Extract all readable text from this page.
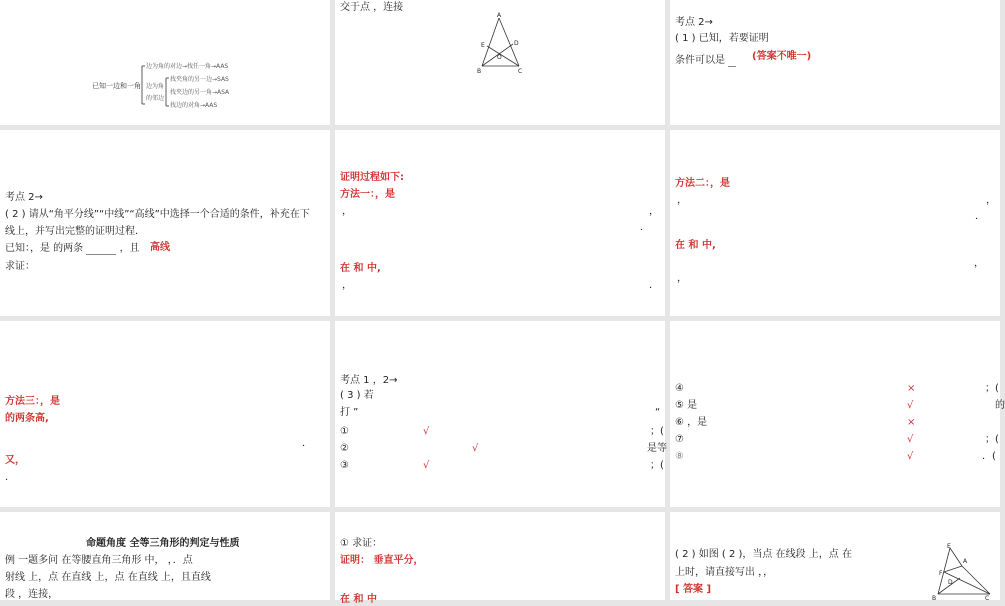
已知一边和一角
边为角的对边→找任一角→AAS
边为角
的邻边
找夹角的另一边→SAS
找夹边的另一角→ASA
找边的对角→AAS
交于点 ，连接
A
E	D
O
B	C
考点 2→
( 1 ) 已知，若要证明
条件可以是	(答案不唯一)
考点 2→
( 2 ) 请从“角平分线”“中线”“高线”中选择一个合适的条件，补充在下
线上，并写出完整的证明过程．
已知：，是 的两条	，且 高线
求证：
证明过程如下:
方法一：，是
，	，
．
在 和 中,
，	．
方法二：，是
，	，
．
在 和 中,
，
，
方法三：，是
的两条高,
．
又，
．
考点 1 ，2→
( 3 ) 若
打 ”	“
①	√	；(
②	√	是等
③	√	；(
④	×	；(
⑤ 是	√	的
⑥ ，是	×
⑦	√	；(
⑧	√	．(
命题角度 全等三角形的判定与性质
例 一题多问 在等腰直角三角形 中， ，．点
射线 上，点 在直线 上，点 在直线 上，且直线
段 ，连接，
① 求证：
证明： 垂直平分，
在 和 中
( 2 ) 如图 ( 2 )，当点 在线段 上，点 在
上时，请直接写出 ，，
[ 答案 ]
E
F
A
D
B	C
